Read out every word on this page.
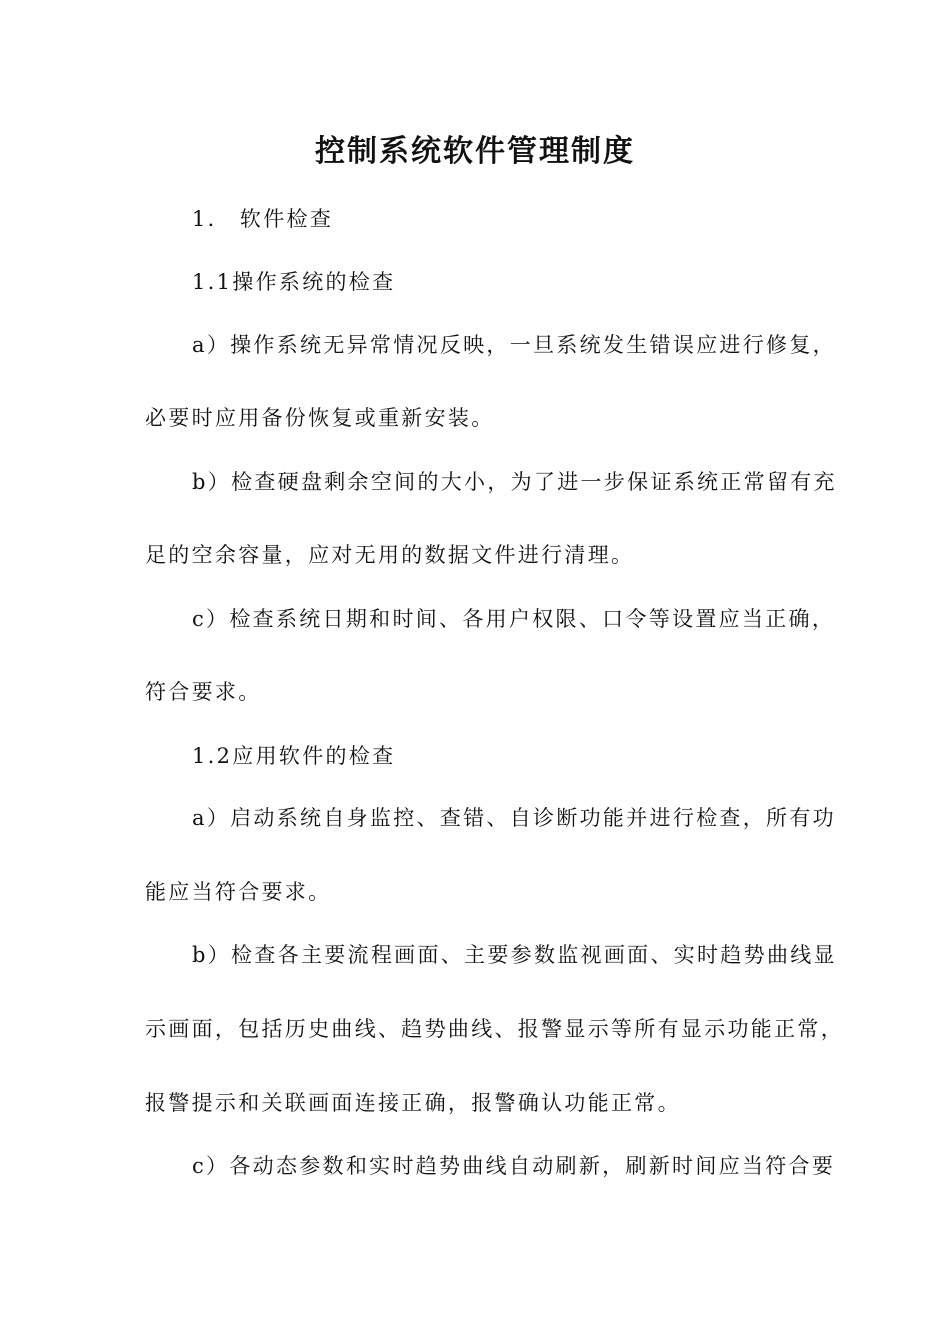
控制系统软件管理制度
1． 软件检查
1.1操作系统的检查
a）操作系统无异常情况反映，一旦系统发生错误应进行修复，
必要时应用备份恢复或重新安装。
b）检查硬盘剩余空间的大小，为了进一步保证系统正常留有充
足的空余容量，应对无用的数据文件进行清理。
c）检查系统日期和时间、各用户权限、口令等设置应当正确，
符合要求。
1.2应用软件的检查
a）启动系统自身监控、查错、自诊断功能并进行检查，所有功
能应当符合要求。
b）检查各主要流程画面、主要参数监视画面、实时趋势曲线显
示画面，包括历史曲线、趋势曲线、报警显示等所有显示功能正常，
报警提示和关联画面连接正确，报警确认功能正常。
c）各动态参数和实时趋势曲线自动刷新，刷新时间应当符合要
